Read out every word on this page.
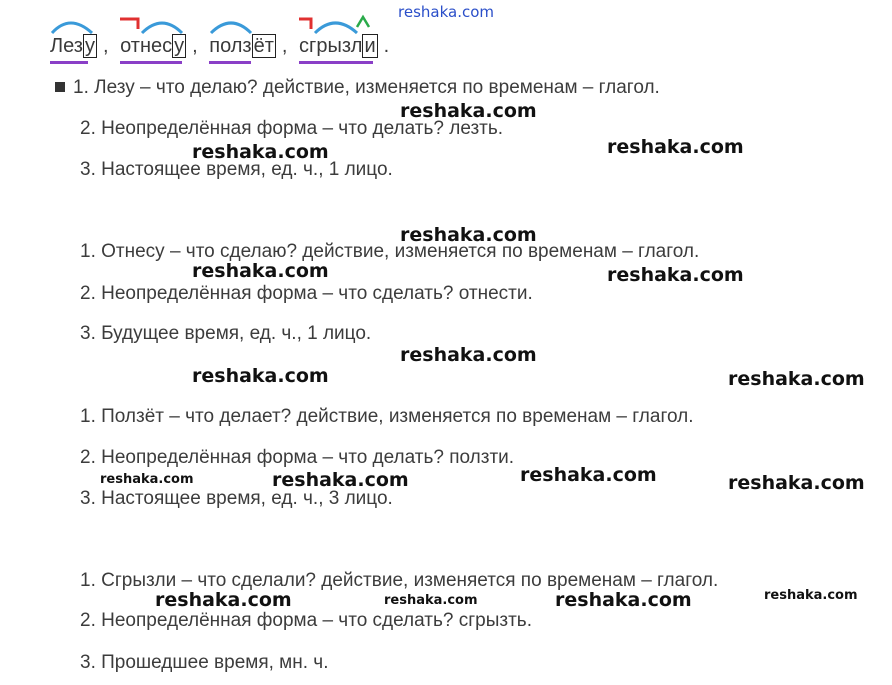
reshaka.com
Лез у , отнес у , полз ёт , сгрызл и .
1. Лезу – что делаю? действие, изменяется по временам – глагол.
2. Неопределённая форма – что делать? лезть.
3. Настоящее время, ед. ч., 1 лицо.
1. Отнесу – что сделаю? действие, изменяется по временам – глагол.
2. Неопределённая форма – что сделать? отнести.
3. Будущее время, ед. ч., 1 лицо.
1. Ползёт – что делает? действие, изменяется по временам – глагол.
2. Неопределённая форма – что делать? ползти.
3. Настоящее время, ед. ч., 3 лицо.
1. Сгрызли – что сделали? действие, изменяется по временам – глагол.
2. Неопределённая форма – что сделать? сгрызть.
3. Прошедшее время, мн. ч.
reshaka.com
reshaka.com
reshaka.com
reshaka.com
reshaka.com	reshaka.com
reshaka.com
reshaka.com	reshaka.com
reshaka.com
reshaka.com
reshaka.com	reshaka.com
reshaka.com	reshaka.com	reshaka.com	reshaka.com
